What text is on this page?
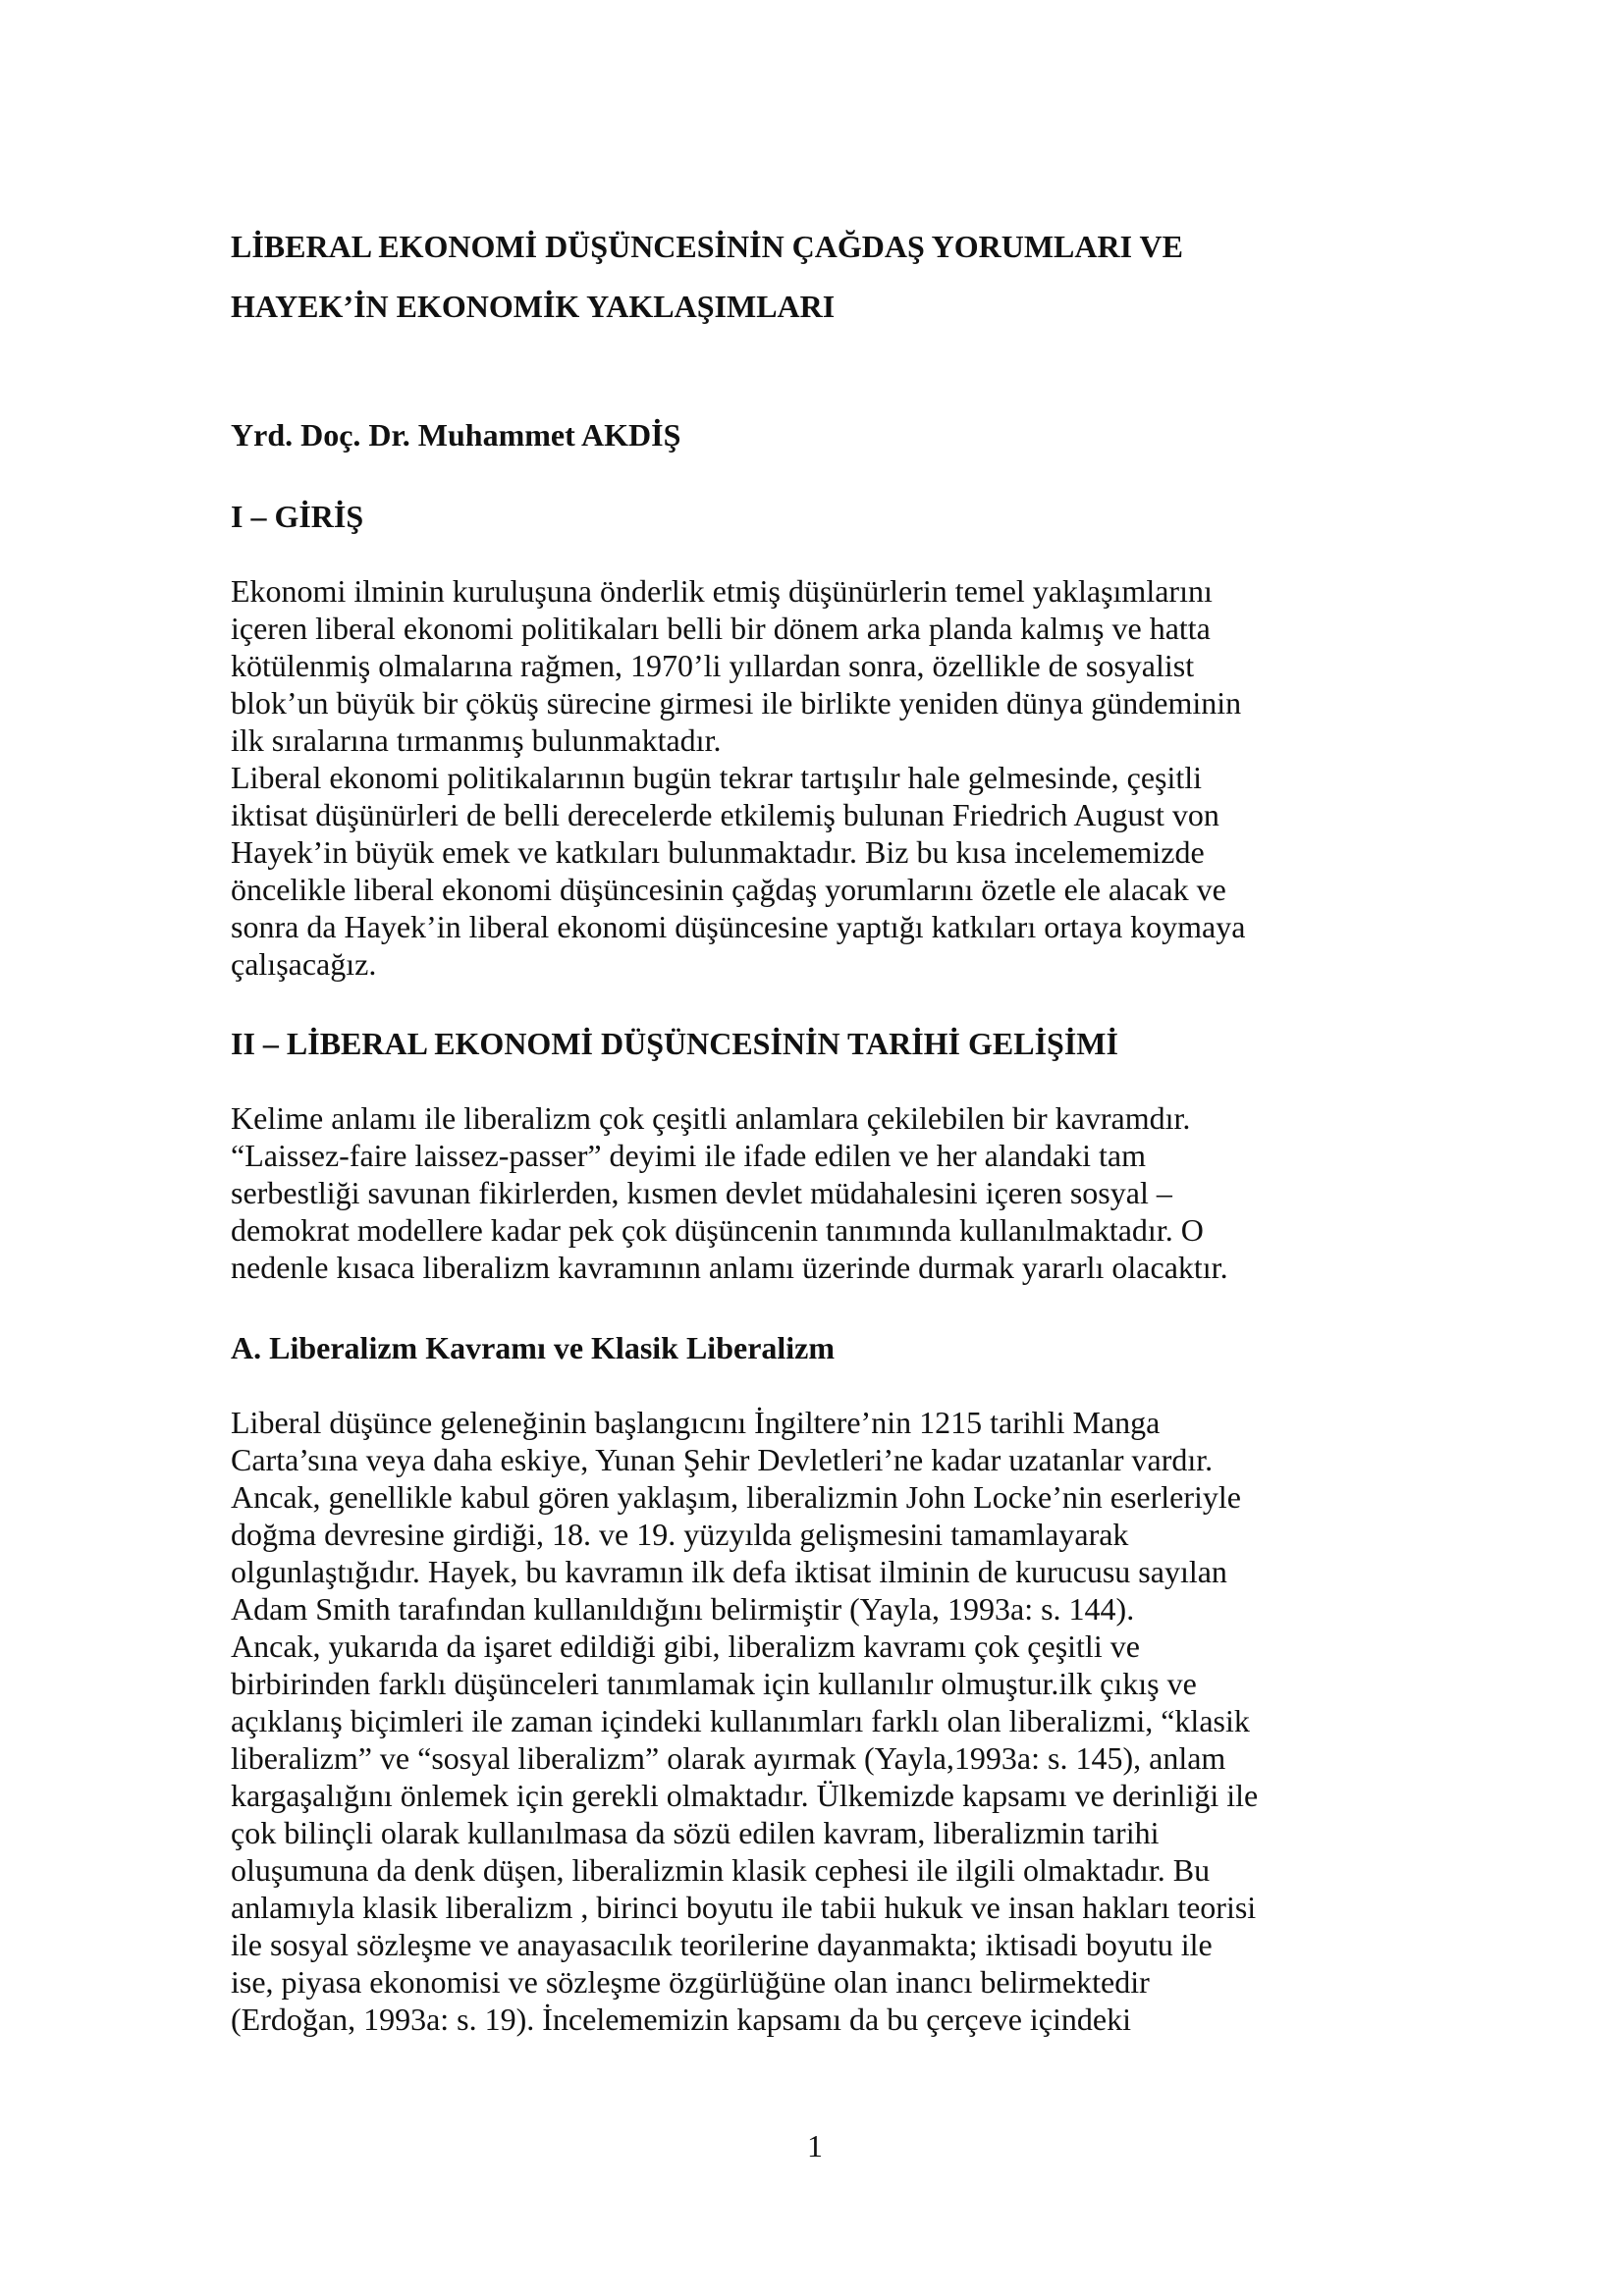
LİBERAL EKONOMİ DÜŞÜNCESİNİN ÇAĞDAŞ YORUMLARI VE
HAYEK’İN EKONOMİK YAKLAŞIMLARI
Yrd. Doç. Dr. Muhammet AKDİŞ
I – GİRİŞ
Ekonomi ilminin kuruluşuna önderlik etmiş düşünürlerin temel yaklaşımlarını
içeren liberal ekonomi politikaları belli bir dönem arka planda kalmış ve hatta
kötülenmiş olmalarına rağmen, 1970’li yıllardan sonra, özellikle de sosyalist
blok’un büyük bir çöküş sürecine girmesi ile birlikte yeniden dünya gündeminin
ilk sıralarına tırmanmış bulunmaktadır.
Liberal ekonomi politikalarının bugün tekrar tartışılır hale gelmesinde, çeşitli
iktisat düşünürleri de belli derecelerde etkilemiş bulunan Friedrich August von
Hayek’in büyük emek ve katkıları bulunmaktadır. Biz bu kısa incelememizde
öncelikle liberal ekonomi düşüncesinin çağdaş yorumlarını özetle ele alacak ve
sonra da Hayek’in liberal ekonomi düşüncesine yaptığı katkıları ortaya koymaya
çalışacağız.
II – LİBERAL EKONOMİ DÜŞÜNCESİNİN TARİHİ GELİŞİMİ
Kelime anlamı ile liberalizm çok çeşitli anlamlara çekilebilen bir kavramdır.
“Laissez-faire laissez-passer” deyimi ile ifade edilen ve her alandaki tam
serbestliği savunan fikirlerden, kısmen devlet müdahalesini içeren sosyal –
demokrat modellere kadar pek çok düşüncenin tanımında kullanılmaktadır. O
nedenle kısaca liberalizm kavramının anlamı üzerinde durmak yararlı olacaktır.
A. Liberalizm Kavramı ve Klasik Liberalizm
Liberal düşünce geleneğinin başlangıcını İngiltere’nin 1215 tarihli Manga
Carta’sına veya daha eskiye, Yunan Şehir Devletleri’ne kadar uzatanlar vardır.
Ancak, genellikle kabul gören yaklaşım, liberalizmin John Locke’nin eserleriyle
doğma devresine girdiği, 18. ve 19. yüzyılda gelişmesini tamamlayarak
olgunlaştığıdır. Hayek, bu kavramın ilk defa iktisat ilminin de kurucusu sayılan
Adam Smith tarafından kullanıldığını belirmiştir (Yayla, 1993a: s. 144).
Ancak, yukarıda da işaret edildiği gibi, liberalizm kavramı çok çeşitli ve
birbirinden farklı düşünceleri tanımlamak için kullanılır olmuştur.ilk çıkış ve
açıklanış biçimleri ile zaman içindeki kullanımları farklı olan liberalizmi, “klasik
liberalizm” ve “sosyal liberalizm” olarak ayırmak (Yayla,1993a: s. 145), anlam
kargaşalığını önlemek için gerekli olmaktadır. Ülkemizde kapsamı ve derinliği ile
çok bilinçli olarak kullanılmasa da sözü edilen kavram, liberalizmin tarihi
oluşumuna da denk düşen, liberalizmin klasik cephesi ile ilgili olmaktadır. Bu
anlamıyla klasik liberalizm , birinci boyutu ile tabii hukuk ve insan hakları teorisi
ile sosyal sözleşme ve anayasacılık teorilerine dayanmakta; iktisadi boyutu ile
ise, piyasa ekonomisi ve sözleşme özgürlüğüne olan inancı belirmektedir
(Erdoğan, 1993a: s. 19). İncelememizin kapsamı da bu çerçeve içindeki
1
